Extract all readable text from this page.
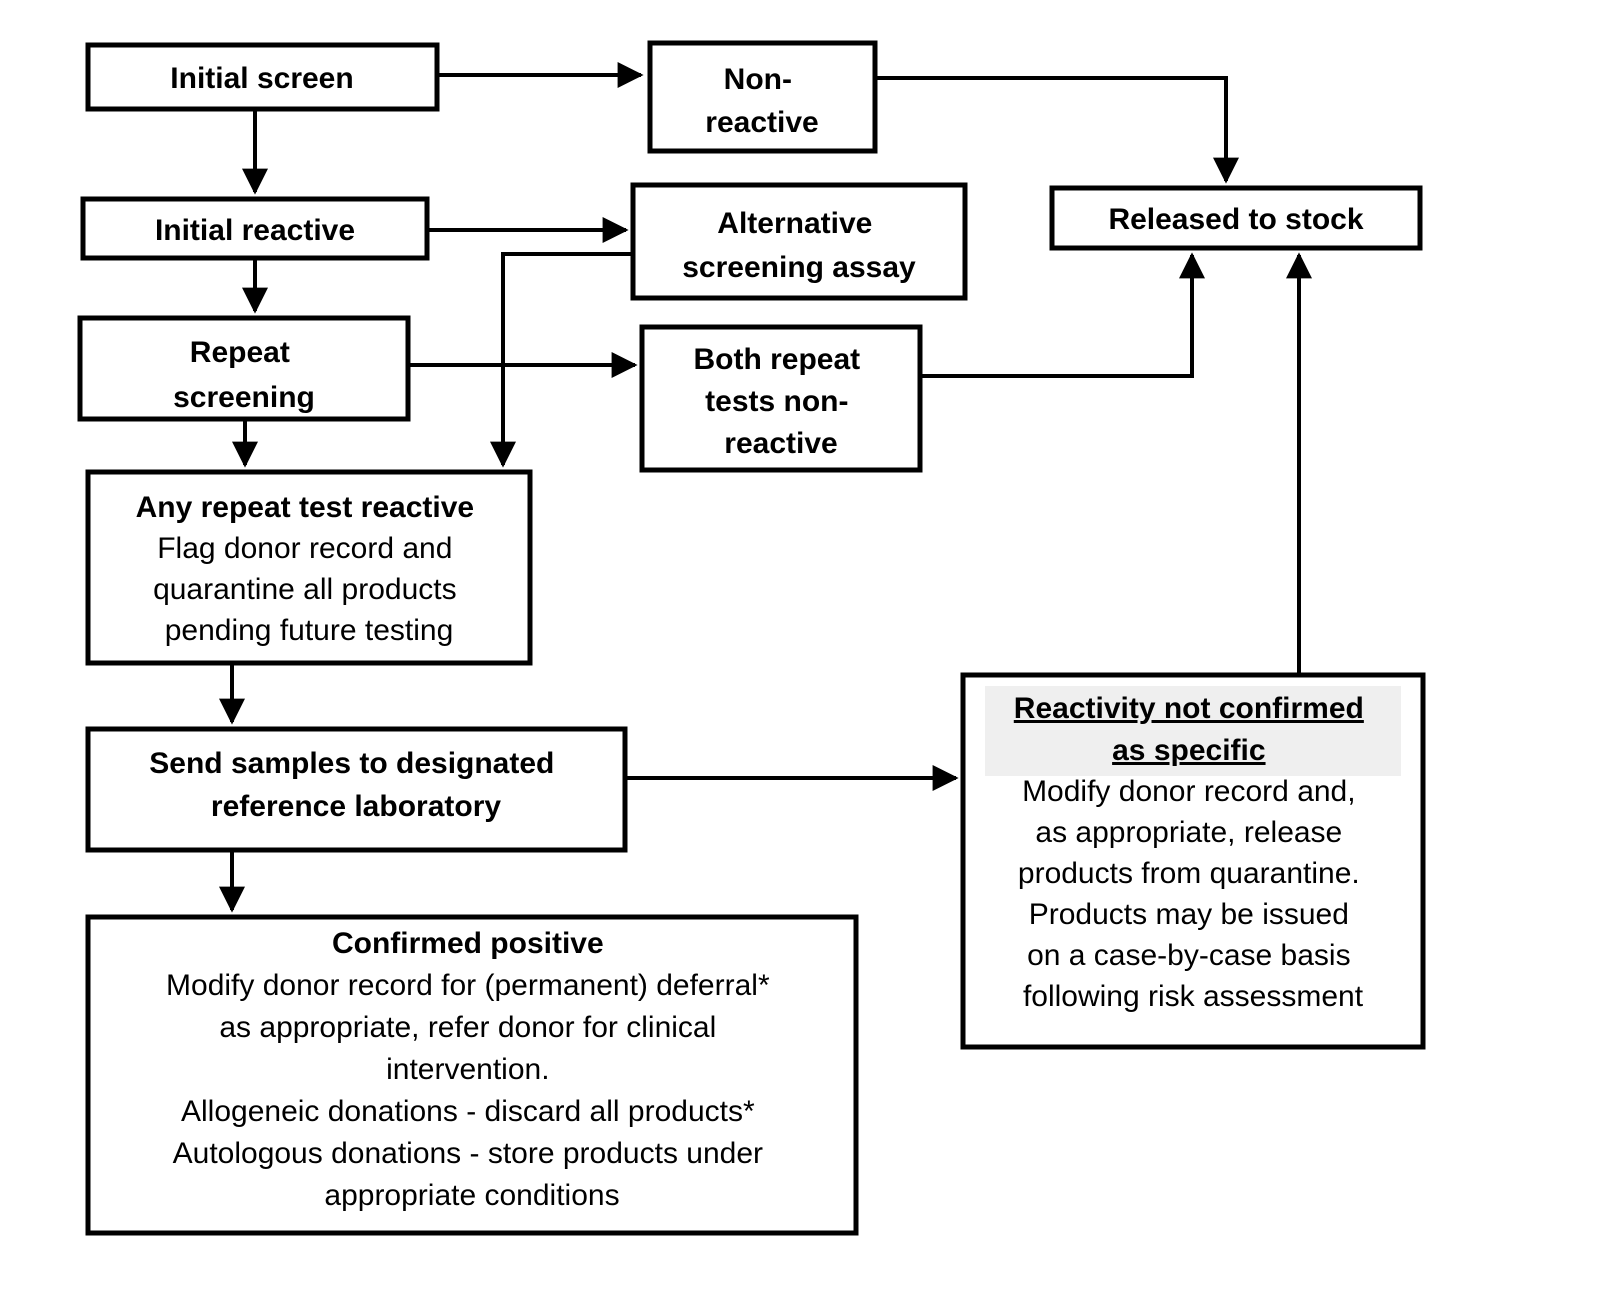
Initial screen	Non- reactive
Released to stock
Initial reactive	Alternative screening assay
Repeat screening
Both repeat tests non- reactive
Any repeat test reactive Flag donor record and quarantine all products pending future testing
Send samples to designated reference laboratory
Confirmed positive Modify donor record for (permanent) deferral* as appropriate, refer donor for clinical intervention. Allogeneic donations - discard all products* Autologous donations - store products under appropriate conditions
Reactivity not confirmed as specific Modify donor record and, as appropriate, release products from quarantine. Products may be issued on a case-by-case basis following risk assessment
